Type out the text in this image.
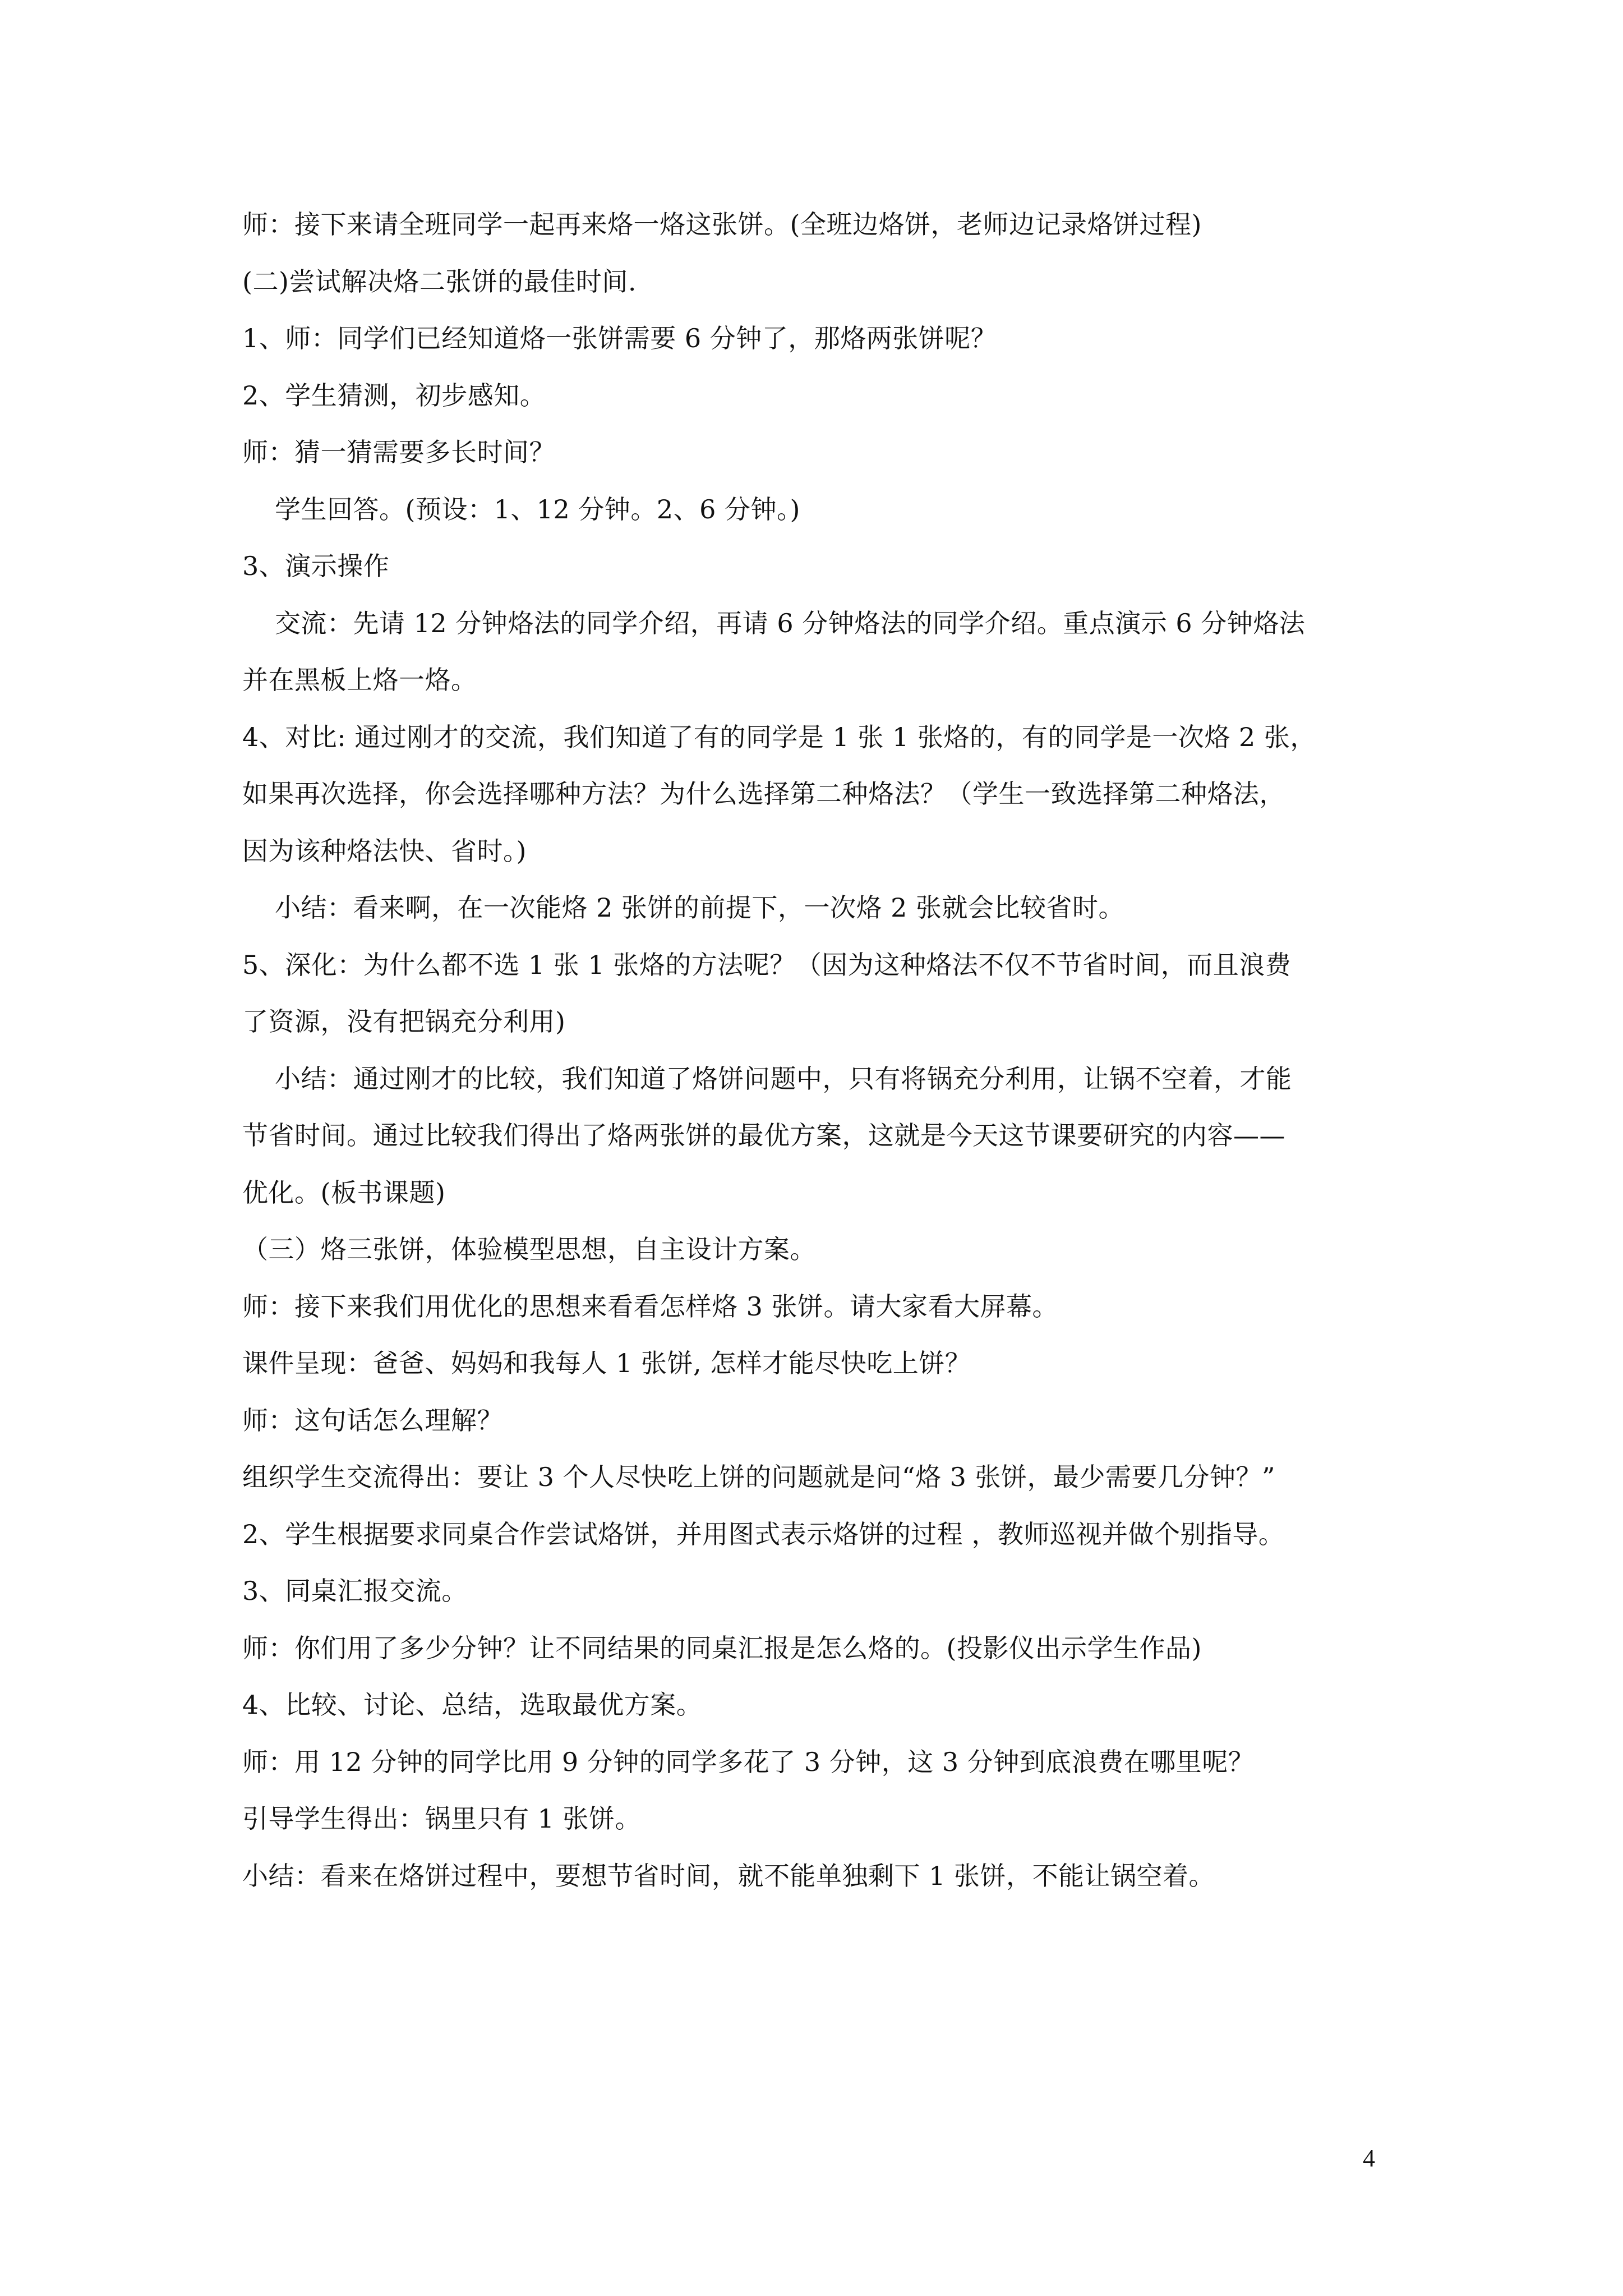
师：接下来请全班同学一起再来烙一烙这张饼。(全班边烙饼，老师边记录烙饼过程)
(二)尝试解决烙二张饼的最佳时间.
1、师：同学们已经知道烙一张饼需要 6 分钟了，那烙两张饼呢？
2、学生猜测，初步感知。
师：猜一猜需要多长时间？
学生回答。(预设：1、12 分钟。2、6 分钟。)
3、演示操作
交流：先请 12 分钟烙法的同学介绍，再请 6 分钟烙法的同学介绍。重点演示 6 分钟烙法
并在黑板上烙一烙。
4、对比: 通过刚才的交流，我们知道了有的同学是 1 张 1 张烙的，有的同学是一次烙 2 张，
如果再次选择，你会选择哪种方法？为什么选择第二种烙法？（学生一致选择第二种烙法，
因为该种烙法快、省时。)
小结：看来啊，在一次能烙 2 张饼的前提下，一次烙 2 张就会比较省时。
5、深化：为什么都不选 1 张 1 张烙的方法呢？（因为这种烙法不仅不节省时间，而且浪费
了资源，没有把锅充分利用)
小结：通过刚才的比较，我们知道了烙饼问题中，只有将锅充分利用，让锅不空着，才能
节省时间。通过比较我们得出了烙两张饼的最优方案，这就是今天这节课要研究的内容——
优化。(板书课题)
（三）烙三张饼，体验模型思想，自主设计方案。
师：接下来我们用优化的思想来看看怎样烙 3 张饼。请大家看大屏幕。
课件呈现：爸爸、妈妈和我每人 1 张饼, 怎样才能尽快吃上饼？
师：这句话怎么理解？
组织学生交流得出：要让 3 个人尽快吃上饼的问题就是问“烙 3 张饼，最少需要几分钟？”
2、学生根据要求同桌合作尝试烙饼，并用图式表示烙饼的过程 ，教师巡视并做个别指导。
3、同桌汇报交流。
师：你们用了多少分钟？让不同结果的同桌汇报是怎么烙的。(投影仪出示学生作品)
4、比较、讨论、总结，选取最优方案。
师：用 12 分钟的同学比用 9 分钟的同学多花了 3 分钟，这 3 分钟到底浪费在哪里呢？
引导学生得出：锅里只有 1 张饼。
小结：看来在烙饼过程中，要想节省时间，就不能单独剩下 1 张饼，不能让锅空着。
4
